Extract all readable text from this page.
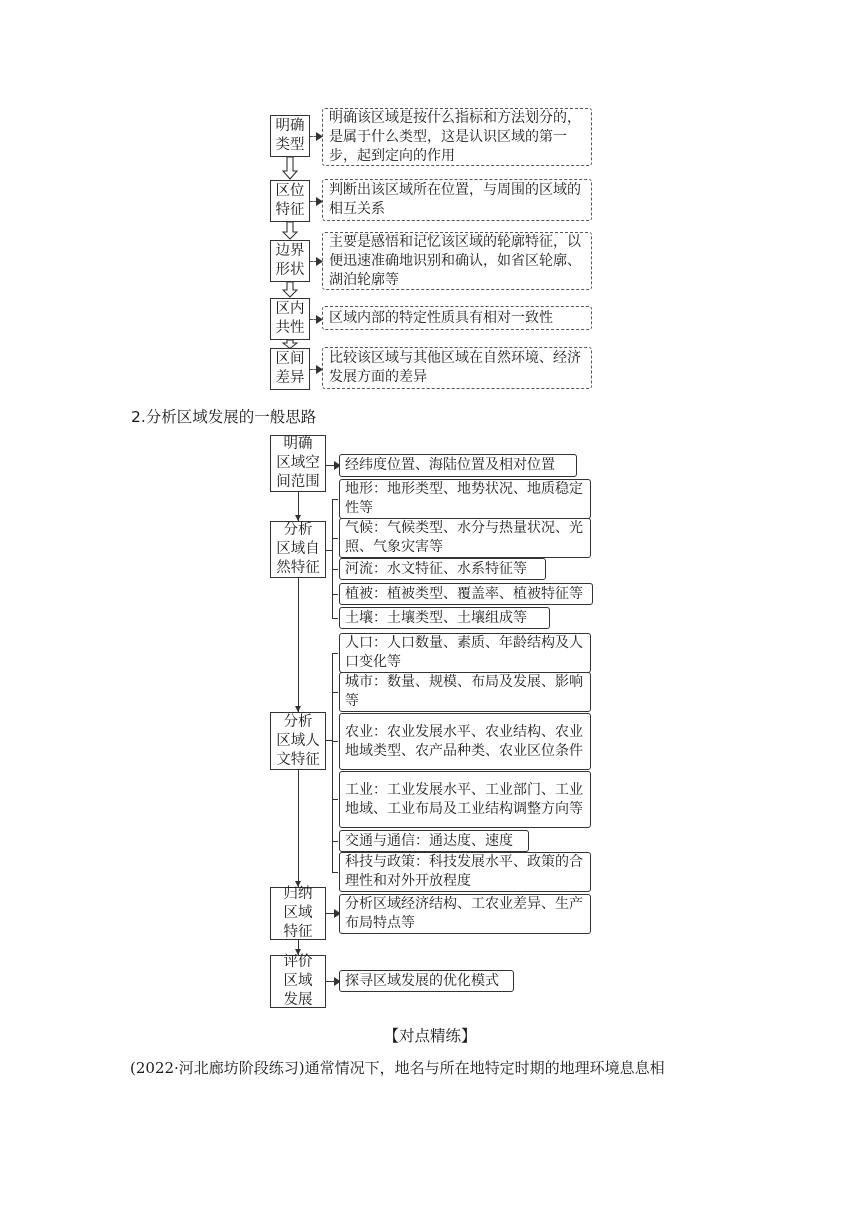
明确
类型
区位
特征
边界
形状
区内
共性
区间
差异
明确该区域是按什么指标和方法划分的，是属于什么类型，这是认识区域的第一步，起到定向的作用
判断出该区域所在位置，与周围的区域的相互关系
主要是感悟和记忆该区域的轮廓特征，以便迅速准确地识别和确认，如省区轮廓、湖泊轮廓等
区域内部的特定性质具有相对一致性
比较该区域与其他区域在自然环境、经济发展方面的差异
2.分析区域发展的一般思路
明确
区域空
间范围
分析
区域自
然特征
分析
区域人
文特征
归纳
区域
特征
评价
区域
发展
经纬度位置、海陆位置及相对位置
地形：地形类型、地势状况、地质稳定性等
气候：气候类型、水分与热量状况、光照、气象灾害等
河流：水文特征、水系特征等
植被：植被类型、覆盖率、植被特征等
土壤：土壤类型、土壤组成等
人口：人口数量、素质、年龄结构及人口变化等
城市：数量、规模、布局及发展、影响等
农业：农业发展水平、农业结构、农业地域类型、农产品种类、农业区位条件
工业：工业发展水平、工业部门、工业地域、工业布局及工业结构调整方向等
交通与通信：通达度、速度
科技与政策：科技发展水平、政策的合理性和对外开放程度
分析区域经济结构、工农业差异、生产布局特点等
探寻区域发展的优化模式
【对点精练】
(2022·河北廊坊阶段练习)通常情况下，地名与所在地特定时期的地理环境息息相
